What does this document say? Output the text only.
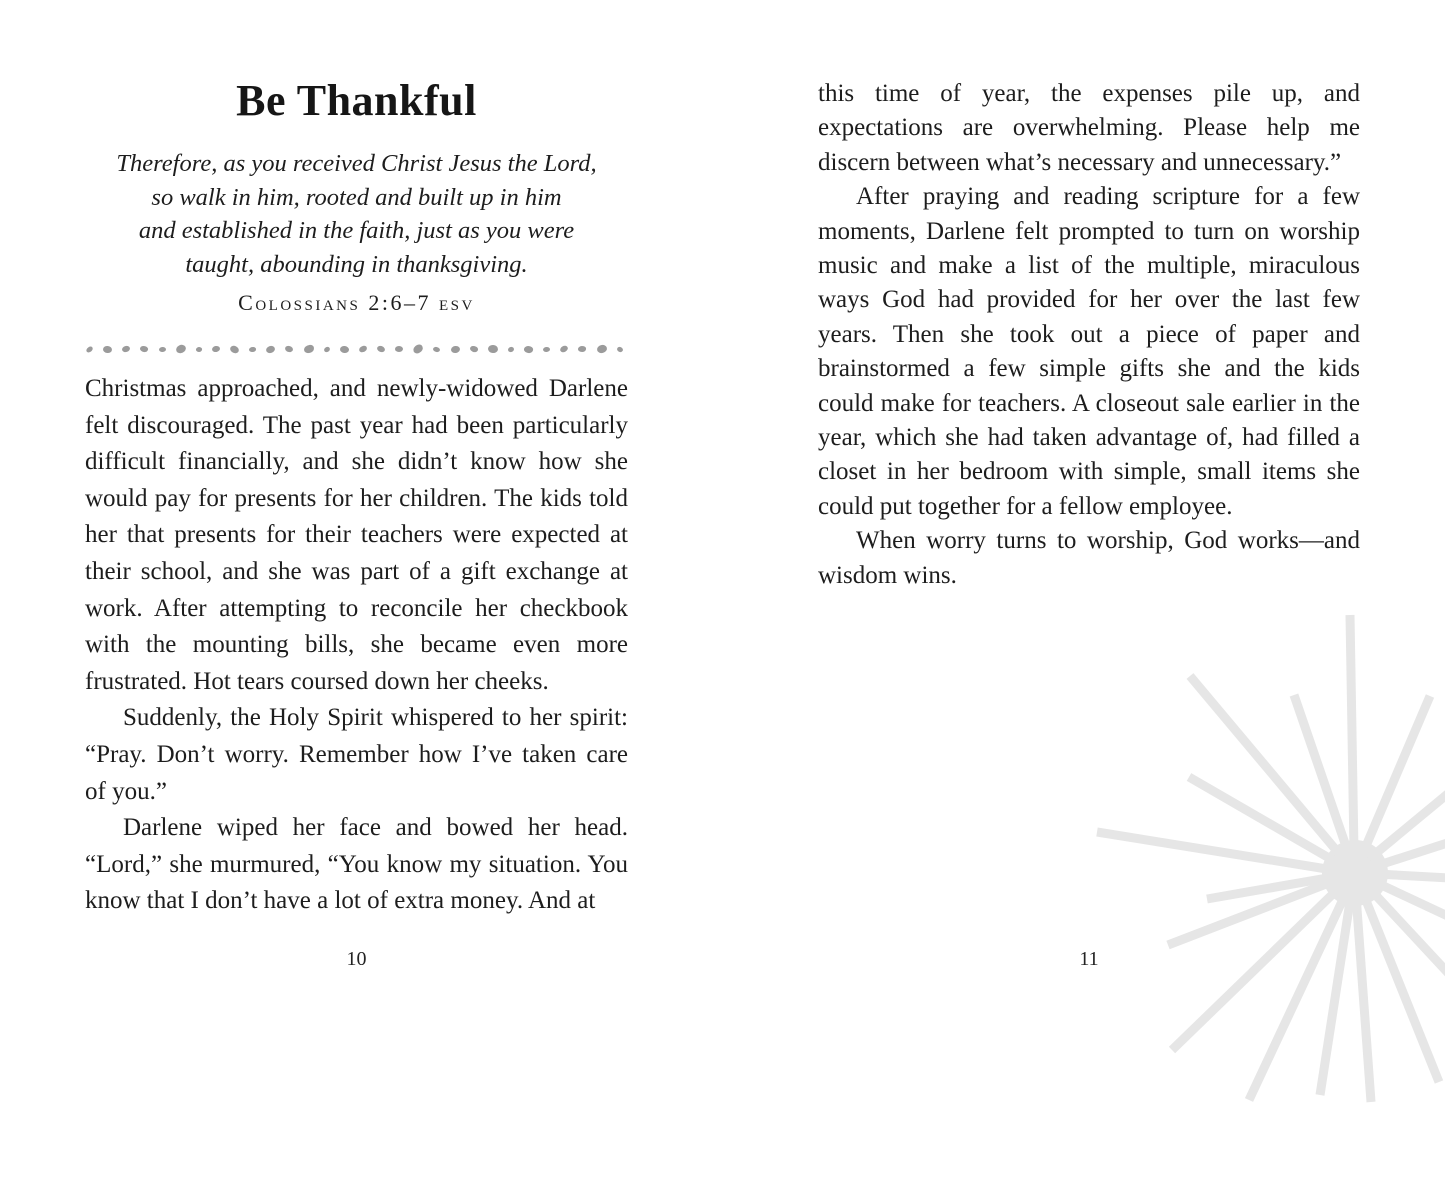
Be Thankful
Therefore, as you received Christ Jesus the Lord,
so walk in him, rooted and built up in him
and established in the faith, just as you were
taught, abounding in thanksgiving.
Colossians 2:6–7 esv

Christmas approached, and newly-widowed Darlene felt discouraged. The past year had been particularly difficult financially, and she didn’t know how she would pay for presents for her children. The kids told her that presents for their teachers were expected at their school, and she was part of a gift exchange at work. After attempting to reconcile her checkbook with the mounting bills, she became even more frustrated. Hot tears coursed down her cheeks.

Suddenly, the Holy Spirit whispered to her spirit: “Pray. Don’t worry. Remember how I’ve taken care of you.”

Darlene wiped her face and bowed her head. “Lord,” she murmured, “You know my situation. You know that I don’t have a lot of extra money. And at

10

this time of year, the expenses pile up, and expectations are overwhelming. Please help me discern between what’s necessary and unnecessary.”

After praying and reading scripture for a few moments, Darlene felt prompted to turn on worship music and make a list of the multiple, miraculous ways God had provided for her over the last few years. Then she took out a piece of paper and brainstormed a few simple gifts she and the kids could make for teachers. A closeout sale earlier in the year, which she had taken advantage of, had filled a closet in her bedroom with simple, small items she could put together for a fellow employee.

When worry turns to worship, God works—and wisdom wins.

11
